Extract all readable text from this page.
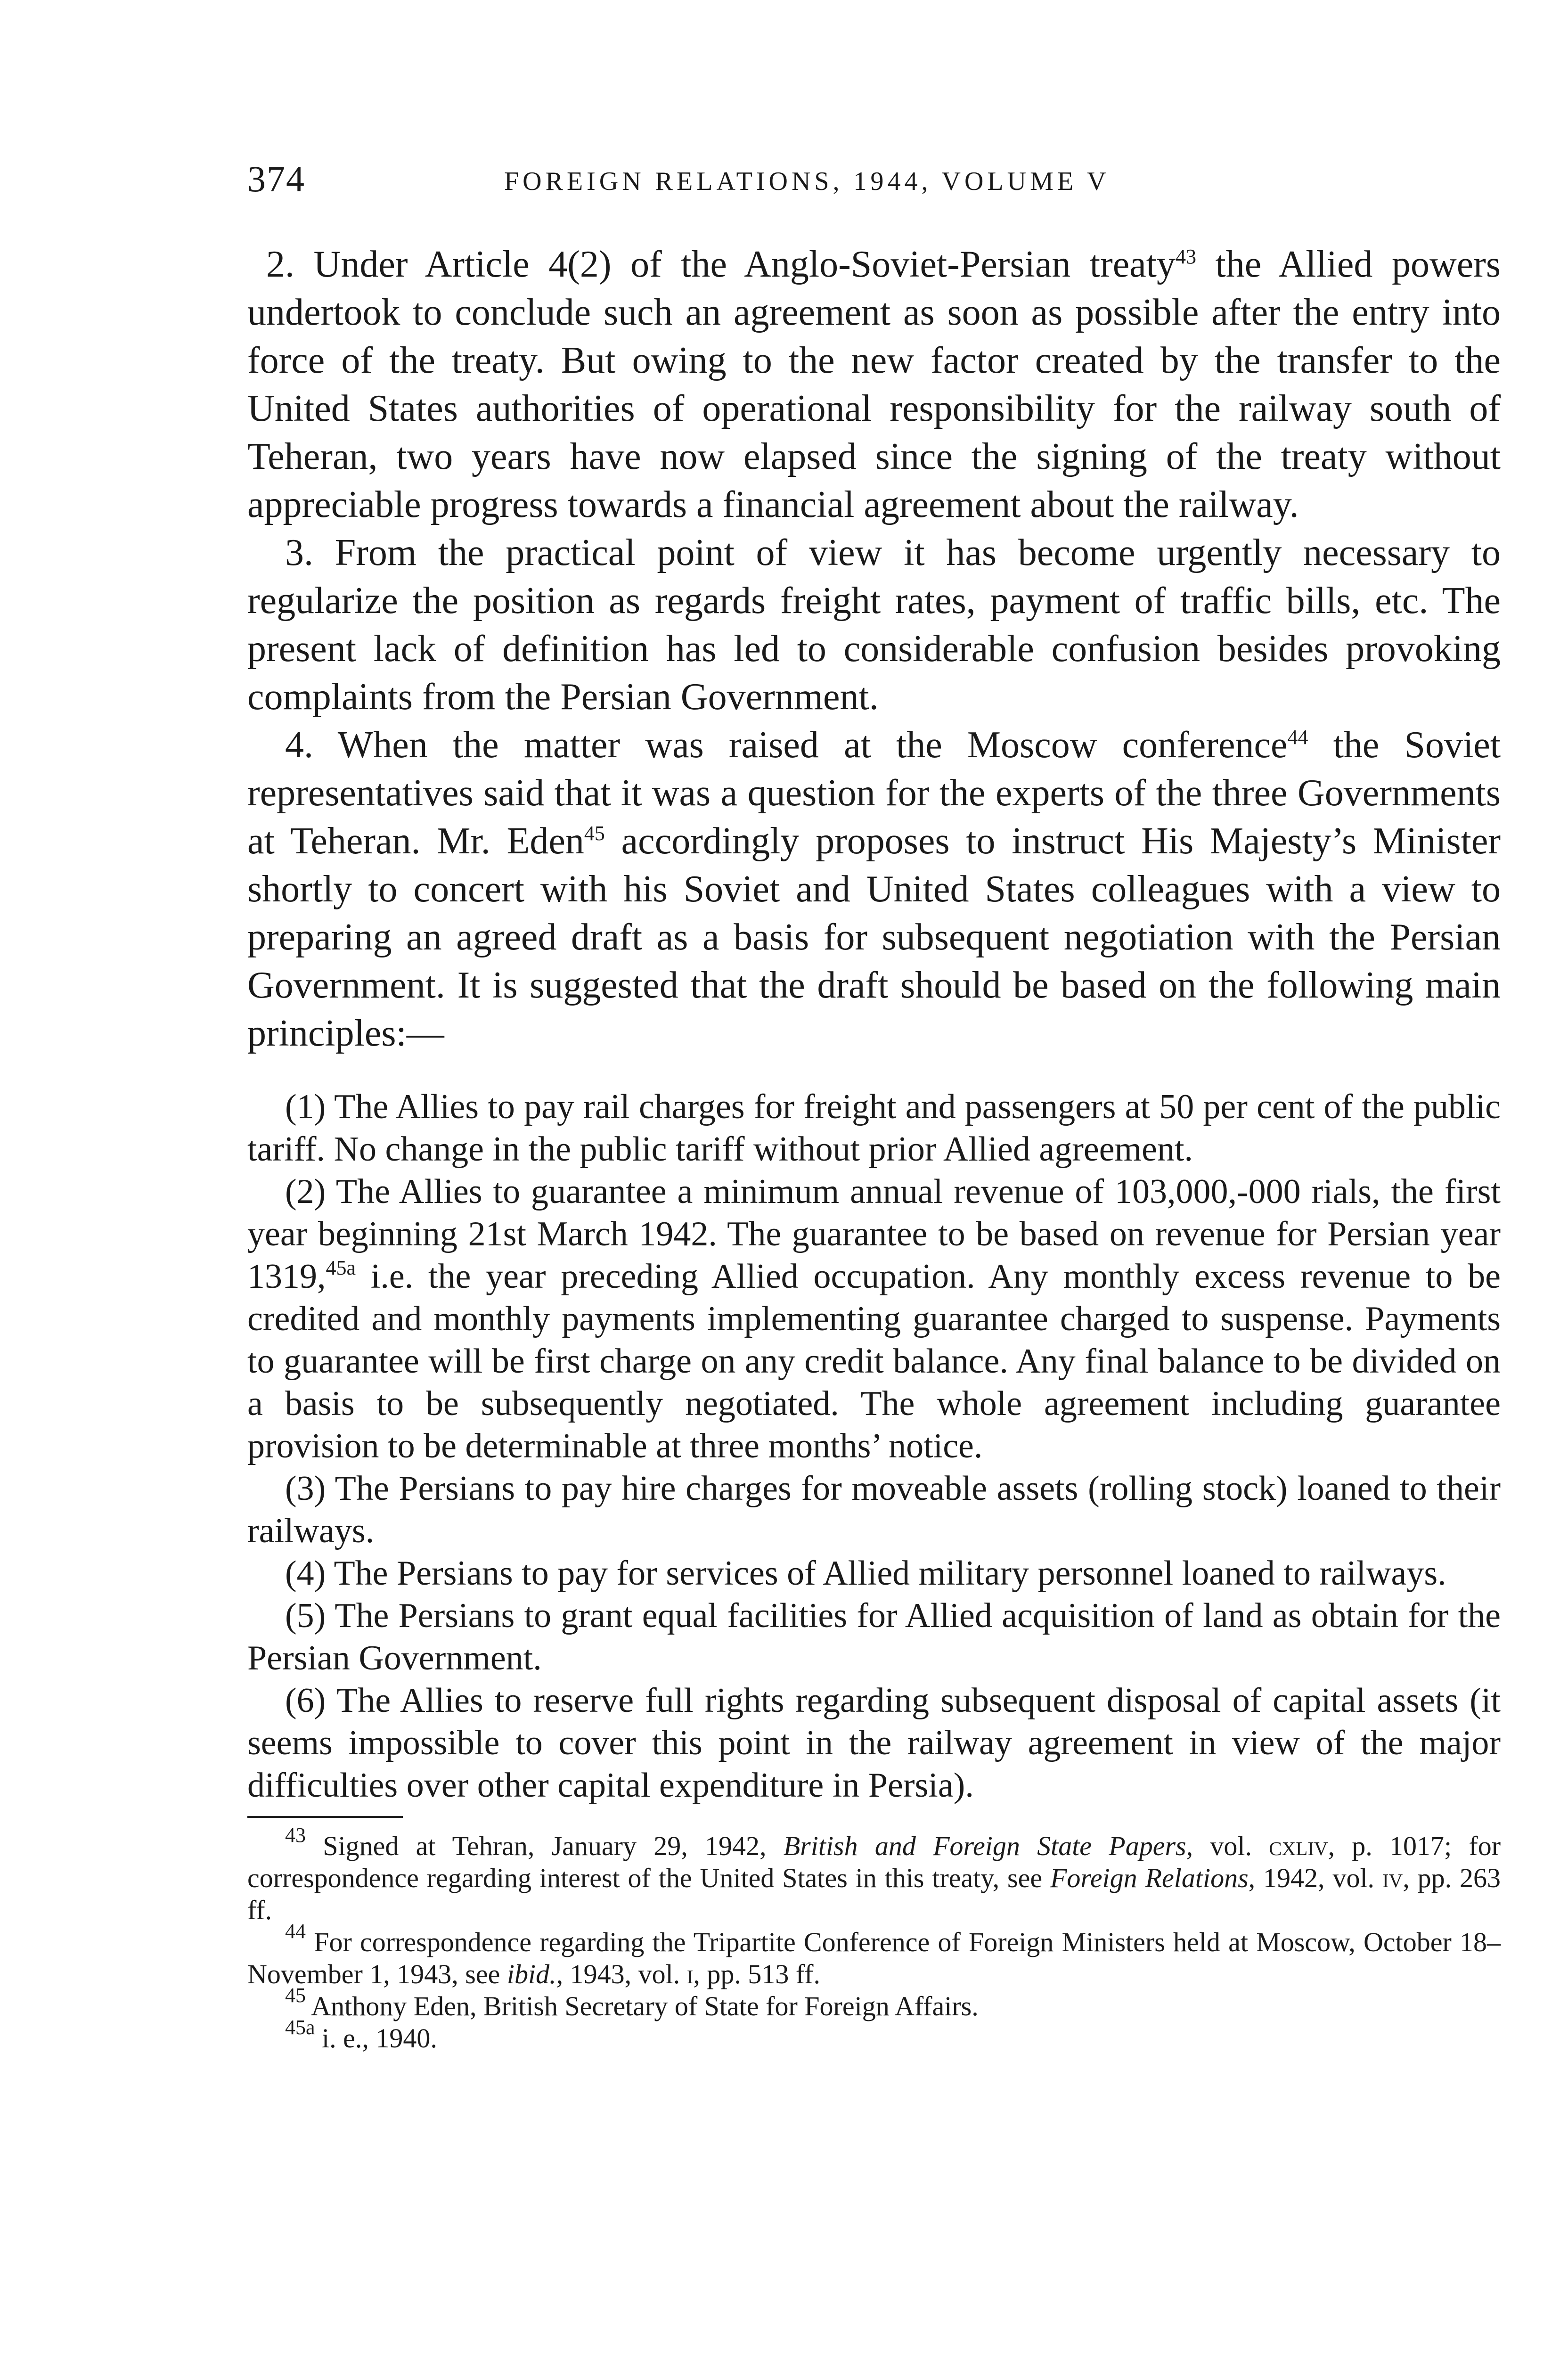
374	FOREIGN RELATIONS, 1944, VOLUME V

2. Under Article 4(2) of the Anglo-Soviet-Persian treaty$^{43}$ the Allied powers undertook to conclude such an agreement as soon as possible after the entry into force of the treaty. But owing to the new factor created by the transfer to the United States authorities of operational responsibility for the railway south of Teheran, two years have now elapsed since the signing of the treaty without appreciable progress towards a financial agreement about the railway.

3. From the practical point of view it has become urgently necessary to regularize the position as regards freight rates, payment of traffic bills, etc. The present lack of definition has led to considerable confusion besides provoking complaints from the Persian Government.

4. When the matter was raised at the Moscow conference$^{44}$ the Soviet representatives said that it was a question for the experts of the three Governments at Teheran. Mr. Eden$^{45}$ accordingly proposes to instruct His Majesty’s Minister shortly to concert with his Soviet and United States colleagues with a view to preparing an agreed draft as a basis for subsequent negotiation with the Persian Government. It is suggested that the draft should be based on the following main principles:—

(1) The Allies to pay rail charges for freight and passengers at 50 per cent of the public tariff. No change in the public tariff without prior Allied agreement.

(2) The Allies to guarantee a minimum annual revenue of 103,000,-000 rials, the first year beginning 21st March 1942. The guarantee to be based on revenue for Persian year 1319,$^{45a}$ i.e. the year preceding Allied occupation. Any monthly excess revenue to be credited and monthly payments implementing guarantee charged to suspense. Payments to guarantee will be first charge on any credit balance. Any final balance to be divided on a basis to be subsequently negotiated. The whole agreement including guarantee provision to be determinable at three months’ notice.

(3) The Persians to pay hire charges for moveable assets (rolling stock) loaned to their railways.

(4) The Persians to pay for services of Allied military personnel loaned to railways.

(5) The Persians to grant equal facilities for Allied acquisition of land as obtain for the Persian Government.

(6) The Allies to reserve full rights regarding subsequent disposal of capital assets (it seems impossible to cover this point in the railway agreement in view of the major difficulties over other capital expenditure in Persia).

$^{43}$ Signed at Tehran, January 29, 1942, British and Foreign State Papers, vol. cxliv, p. 1017; for correspondence regarding interest of the United States in this treaty, see Foreign Relations, 1942, vol. iv, pp. 263 ff.

$^{44}$ For correspondence regarding the Tripartite Conference of Foreign Ministers held at Moscow, October 18–November 1, 1943, see ibid., 1943, vol. i, pp. 513 ff.

$^{45}$ Anthony Eden, British Secretary of State for Foreign Affairs.

$^{45a}$ i. e., 1940.
